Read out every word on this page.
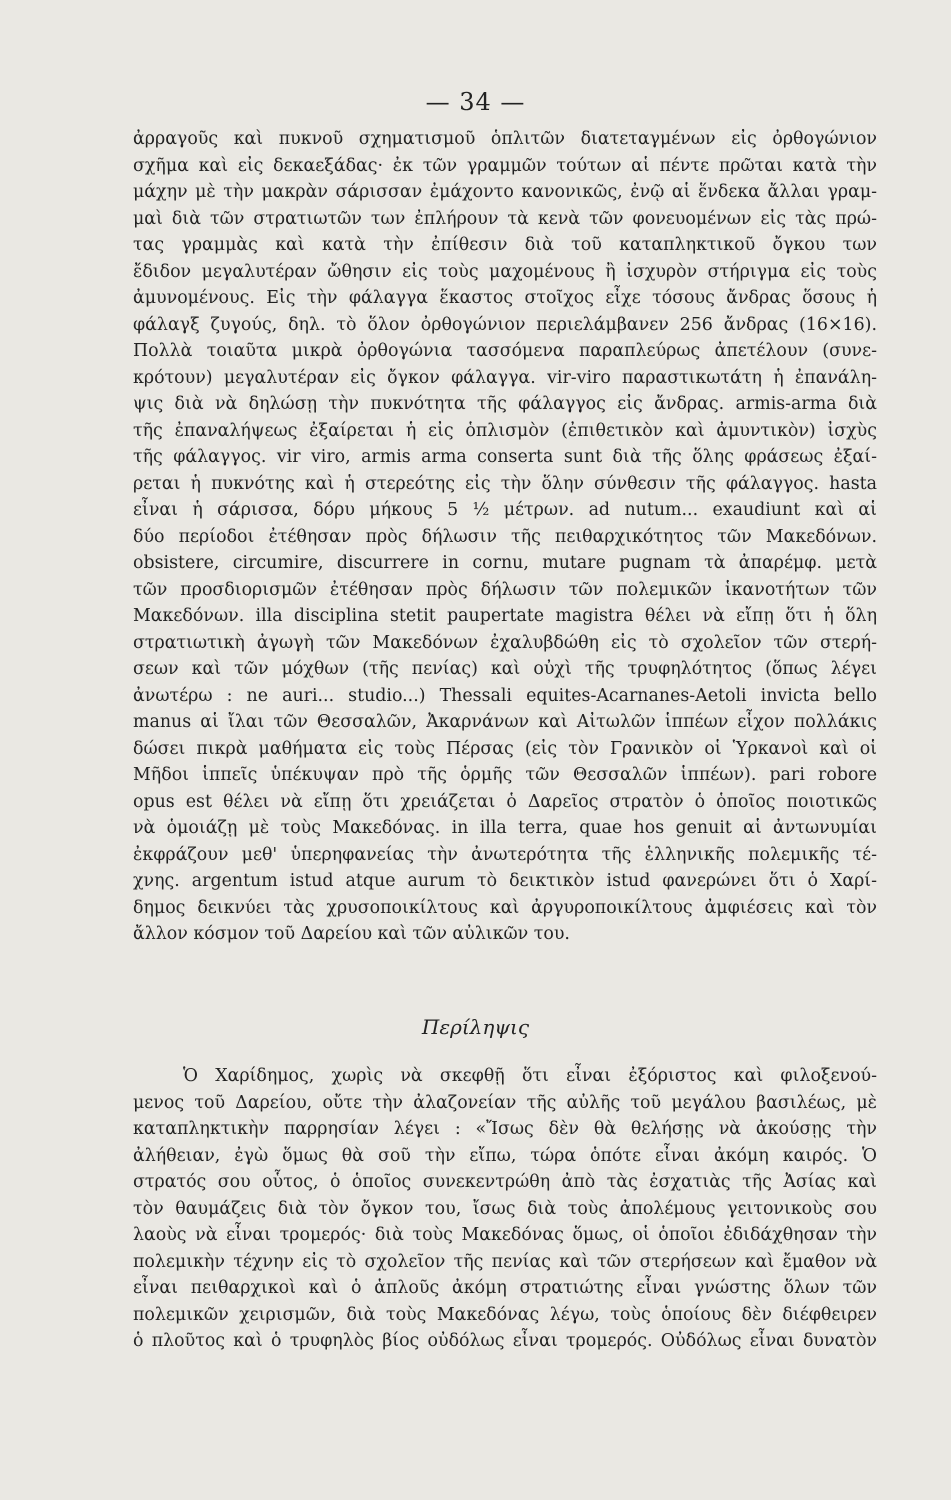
— 34 —
ἀρραγοῦς καὶ πυκνοῦ σχηματισμοῦ ὁπλιτῶν διατεταγμένων εἰς ὀρθογώνιον
σχῆμα καὶ εἰς δεκαεξάδας· ἐκ τῶν γραμμῶν τούτων αἱ πέντε πρῶται κατὰ τὴν
μάχην μὲ τὴν μακρὰν σάρισσαν ἐμάχοντο κανονικῶς, ἐνῷ αἱ ἕνδεκα ἄλλαι γραμ-
μαὶ διὰ τῶν στρατιωτῶν των ἐπλήρουν τὰ κενὰ τῶν φονευομένων εἰς τὰς πρώ-
τας γραμμὰς καὶ κατὰ τὴν ἐπίθεσιν διὰ τοῦ καταπληκτικοῦ ὄγκου των
ἔδιδον μεγαλυτέραν ὤθησιν εἰς τοὺς μαχομένους ἢ ἰσχυρὸν στήριγμα εἰς τοὺς
ἀμυνομένους. Εἰς τὴν φάλαγγα ἕκαστος στοῖχος εἶχε τόσους ἄνδρας ὅσους ἡ
φάλαγξ ζυγούς, δηλ. τὸ ὅλον ὀρθογώνιον περιελάμβανεν 256 ἄνδρας (16×16).
Πολλὰ τοιαῦτα μικρὰ ὀρθογώνια τασσόμενα παραπλεύρως ἀπετέλουν (συνε-
κρότουν) μεγαλυτέραν εἰς ὄγκον φάλαγγα. vir-viro παραστικωτάτη ἡ ἐπανάλη-
ψις διὰ νὰ δηλώσῃ τὴν πυκνότητα τῆς φάλαγγος εἰς ἄνδρας. armis-arma διὰ
τῆς ἐπαναλήψεως ἐξαίρεται ἡ εἰς ὁπλισμὸν (ἐπιθετικὸν καὶ ἀμυντικὸν) ἰσχὺς
τῆς φάλαγγος. vir viro, armis arma conserta sunt διὰ τῆς ὅλης φράσεως ἐξαί-
ρεται ἡ πυκνότης καὶ ἡ στερεότης εἰς τὴν ὅλην σύνθεσιν τῆς φάλαγγος. hasta
εἶναι ἡ σάρισσα, δόρυ μήκους 5 ½ μέτρων. ad nutum... exaudiunt καὶ αἱ
δύο περίοδοι ἐτέθησαν πρὸς δήλωσιν τῆς πειθαρχικότητος τῶν Μακεδόνων.
obsistere, circumire, discurrere in cornu, mutare pugnam τὰ ἀπαρέμφ. μετὰ
τῶν προσδιορισμῶν ἐτέθησαν πρὸς δήλωσιν τῶν πολεμικῶν ἱκανοτήτων τῶν
Μακεδόνων. illa disciplina stetit paupertate magistra θέλει νὰ εἴπῃ ὅτι ἡ ὅλη
στρατιωτικὴ ἀγωγὴ τῶν Μακεδόνων ἐχαλυβδώθη εἰς τὸ σχολεῖον τῶν στερή-
σεων καὶ τῶν μόχθων (τῆς πενίας) καὶ οὐχὶ τῆς τρυφηλότητος (ὅπως λέγει
ἀνωτέρω : ne auri... studio...) Thessali equites-Acarnanes-Aetoli invicta bello
manus αἱ ἴλαι τῶν Θεσσαλῶν, Ἀκαρνάνων καὶ Αἰτωλῶν ἱππέων εἶχον πολλάκις
δώσει πικρὰ μαθήματα εἰς τοὺς Πέρσας (εἰς τὸν Γρανικὸν οἱ Ὑρκανοὶ καὶ οἱ
Μῆδοι ἱππεῖς ὑπέκυψαν πρὸ τῆς ὁρμῆς τῶν Θεσσαλῶν ἱππέων). pari robore
opus est θέλει νὰ εἴπῃ ὅτι χρειάζεται ὁ Δαρεῖος στρατὸν ὁ ὁποῖος ποιοτικῶς
νὰ ὁμοιάζῃ μὲ τοὺς Μακεδόνας. in illa terra, quae hos genuit αἱ ἀντωνυμίαι
ἐκφράζουν μεθ' ὑπερηφανείας τὴν ἀνωτερότητα τῆς ἑλληνικῆς πολεμικῆς τέ-
χνης. argentum istud atque aurum τὸ δεικτικὸν istud φανερώνει ὅτι ὁ Χαρί-
δημος δεικνύει τὰς χρυσοποικίλτους καὶ ἀργυροποικίλτους ἀμφιέσεις καὶ τὸν
ἄλλον κόσμον τοῦ Δαρείου καὶ τῶν αὐλικῶν του.
Περίληψις
Ὁ Χαρίδημος, χωρὶς νὰ σκεφθῇ ὅτι εἶναι ἐξόριστος καὶ φιλοξενού-
μενος τοῦ Δαρείου, οὔτε τὴν ἀλαζονείαν τῆς αὐλῆς τοῦ μεγάλου βασιλέως, μὲ
καταπληκτικὴν παρρησίαν λέγει : «Ἴσως δὲν θὰ θελήσῃς νὰ ἀκούσῃς τὴν
ἀλήθειαν, ἐγὼ ὅμως θὰ σοῦ τὴν εἴπω, τώρα ὁπότε εἶναι ἀκόμη καιρός. Ὁ
στρατός σου οὗτος, ὁ ὁποῖος συνεκεντρώθη ἀπὸ τὰς ἐσχατιὰς τῆς Ἀσίας καὶ
τὸν θαυμάζεις διὰ τὸν ὄγκον του, ἴσως διὰ τοὺς ἀπολέμους γειτονικοὺς σου
λαοὺς νὰ εἶναι τρομερός· διὰ τοὺς Μακεδόνας ὅμως, οἱ ὁποῖοι ἐδιδάχθησαν τὴν
πολεμικὴν τέχνην εἰς τὸ σχολεῖον τῆς πενίας καὶ τῶν στερήσεων καὶ ἔμαθον νὰ
εἶναι πειθαρχικοὶ καὶ ὁ ἁπλοῦς ἀκόμη στρατιώτης εἶναι γνώστης ὅλων τῶν
πολεμικῶν χειρισμῶν, διὰ τοὺς Μακεδόνας λέγω, τοὺς ὁποίους δὲν διέφθειρεν
ὁ πλοῦτος καὶ ὁ τρυφηλὸς βίος οὐδόλως εἶναι τρομερός. Οὐδόλως εἶναι δυνατὸν
